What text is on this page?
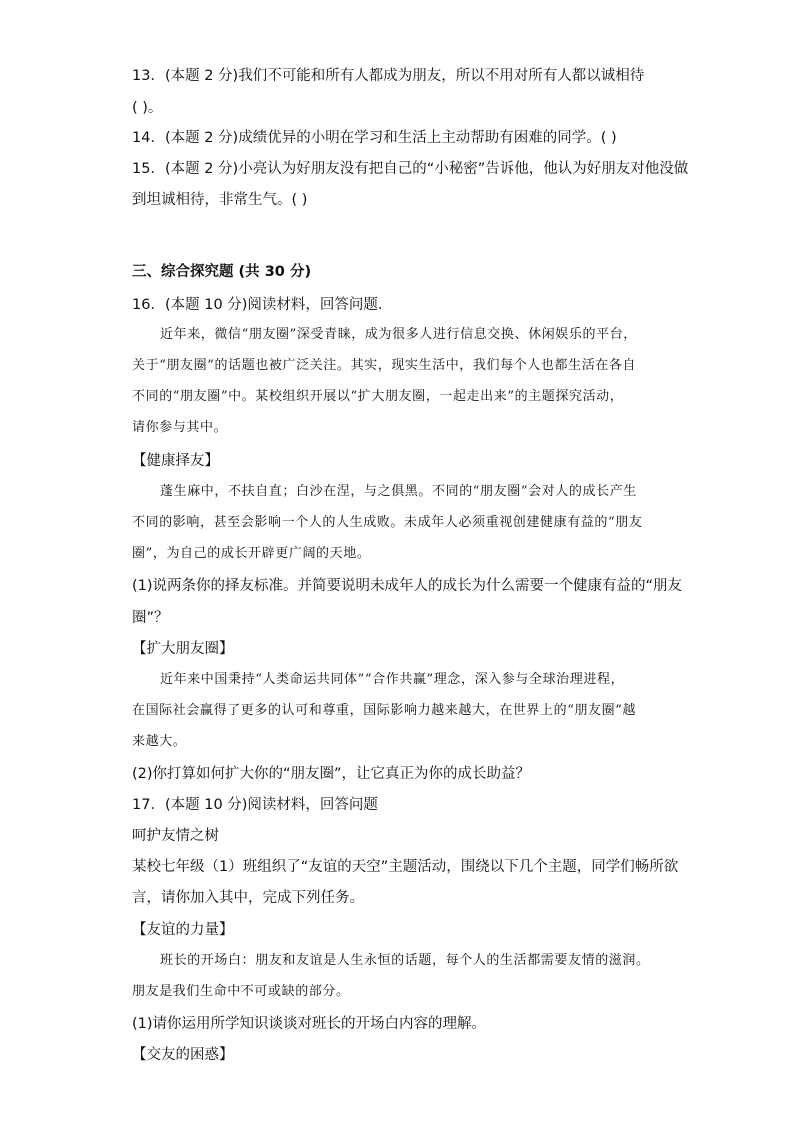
13．(本题 2 分)我们不可能和所有人都成为朋友，所以不用对所有人都以诚相待
( )。
14．(本题 2 分)成绩优异的小明在学习和生活上主动帮助有困难的同学。( )
15．(本题 2 分)小亮认为好朋友没有把自己的“小秘密”告诉他，他认为好朋友对他没做
到坦诚相待，非常生气。( )
三、综合探究题 (共 30 分)
16．(本题 10 分)阅读材料，回答问题．
近年来，微信“朋友圈”深受青睐，成为很多人进行信息交换、休闲娱乐的平台，
关于“朋友圈”的话题也被广泛关注。其实，现实生活中，我们每个人也都生活在各自
不同的“朋友圈”中。某校组织开展以“扩大朋友圈，一起走出来”的主题探究活动，
请你参与其中。
【健康择友】
蓬生麻中，不扶自直；白沙在涅，与之俱黑。不同的“朋友圈”会对人的成长产生
不同的影响，甚至会影响一个人的人生成败。未成年人必须重视创建健康有益的“朋友
圈”，为自己的成长开辟更广阔的天地。
(1)说两条你的择友标准。并简要说明未成年人的成长为什么需要一个健康有益的“朋友
圈”？
【扩大朋友圈】
近年来中国秉持“人类命运共同体”“合作共赢”理念，深入参与全球治理进程，
在国际社会赢得了更多的认可和尊重，国际影响力越来越大，在世界上的“朋友圈”越
来越大。
(2)你打算如何扩大你的“朋友圈”，让它真正为你的成长助益？
17．(本题 10 分)阅读材料，回答问题
呵护友情之树
某校七年级（1）班组织了“友谊的天空”主题活动，围绕以下几个主题，同学们畅所欲
言，请你加入其中，完成下列任务。
【友谊的力量】
班长的开场白：朋友和友谊是人生永恒的话题，每个人的生活都需要友情的滋润。
朋友是我们生命中不可或缺的部分。
(1)请你运用所学知识谈谈对班长的开场白内容的理解。
【交友的困惑】
